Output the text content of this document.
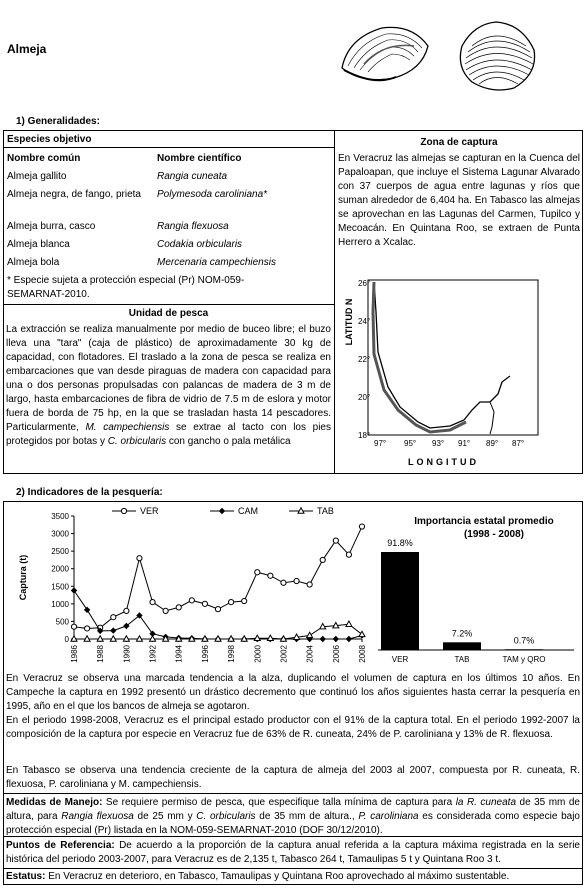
Almeja
1) Generalidades:
Especies objetivo
Nombre común	Nombre científico
Almeja gallito	Rangia cuneata
Almeja negra, de fango, prieta	Polymesoda caroliniana*
Almeja burra, casco	Rangia flexuosa
Almeja blanca	Codakia orbicularis
Almeja bola	Mercenaria campechiensis
* Especie sujeta a protección especial (Pr) NOM-059-SEMARNAT-2010.
Unidad de pesca
La extracción se realiza manualmente por medio de buceo libre; el buzo lleva una "tara" (caja de plástico) de aproximadamente 30 kg de capacidad, con flotadores. El traslado a la zona de pesca se realiza en embarcaciones que van desde piraguas de madera con capacidad para una o dos personas propulsadas con palancas de madera de 3 m de largo, hasta embarcaciones de fibra de vidrio de 7.5 m de eslora y motor fuera de borda de 75 hp, en la que se trasladan hasta 14 pescadores. Particularmente, M. campechiensis se extrae al tacto con los pies protegidos por botas y C. orbicularis con gancho o pala metálica
Zona de captura
En Veracruz las almejas se capturan en la Cuenca del Papaloapan, que incluye el Sistema Lagunar Alvarado con 37 cuerpos de agua entre lagunas y ríos que suman alrededor de 6,404 ha. En Tabasco las almejas se aprovechan en las Lagunas del Carmen, Tupilco y Mecoacán. En Quintana Roo, se extraen de Punta Herrero a Xcalac.
LATITUD N
26°
24°
22°
20°
18°
97° 95° 93° 91° 89° 87°
LONGITUD
2) Indicadores de la pesquería:
0
500
1000
1500
2000
2500
3000
3500
1986 1988 1990 1992 1994 1996 1998 2000 2002 2004 2006 2008
Captura (t)
VER	CAM	TAB
Importancia estatal promedio
(1998 - 2008)
91.8%
VER
7.2%
TAB
0.7%
TAM y QRO
En Veracruz se observa una marcada tendencia a la alza, duplicando el volumen de captura en los últimos 10 años. En Campeche la captura en 1992 presentó un drástico decremento que continuó los años siguientes hasta cerrar la pesquería en 1995, año en el que los bancos de almeja se agotaron.
En el periodo 1998-2008, Veracruz es el principal estado productor con el 91% de la captura total. En el periodo 1992-2007 la composición de la captura por especie en Veracruz fue de 63% de R. cuneata, 24% de P. caroliniana y 13% de R. flexuosa.
En Tabasco se observa una tendencia creciente de la captura de almeja del 2003 al 2007, compuesta por R. cuneata, R. flexuosa, P. caroliniana y M. campechiensis.
Medidas de Manejo: Se requiere permiso de pesca, que especifique talla mínima de captura para la R. cuneata de 35 mm de altura, para Rangia flexuosa de 25 mm y C. orbicularis de 35 mm de altura., P. caroliniana es considerada como especie bajo protección especial (Pr) listada en la NOM-059-SEMARNAT-2010 (DOF 30/12/2010).
Puntos de Referencia: De acuerdo a la proporción de la captura anual referida a la captura máxima registrada en la serie histórica del periodo 2003-2007, para Veracruz es de 2,135 t, Tabasco 264 t, Tamaulipas 5 t y Quintana Roo 3 t.
Estatus: En Veracruz en deterioro, en Tabasco, Tamaulipas y Quintana Roo aprovechado al máximo sustentable.
